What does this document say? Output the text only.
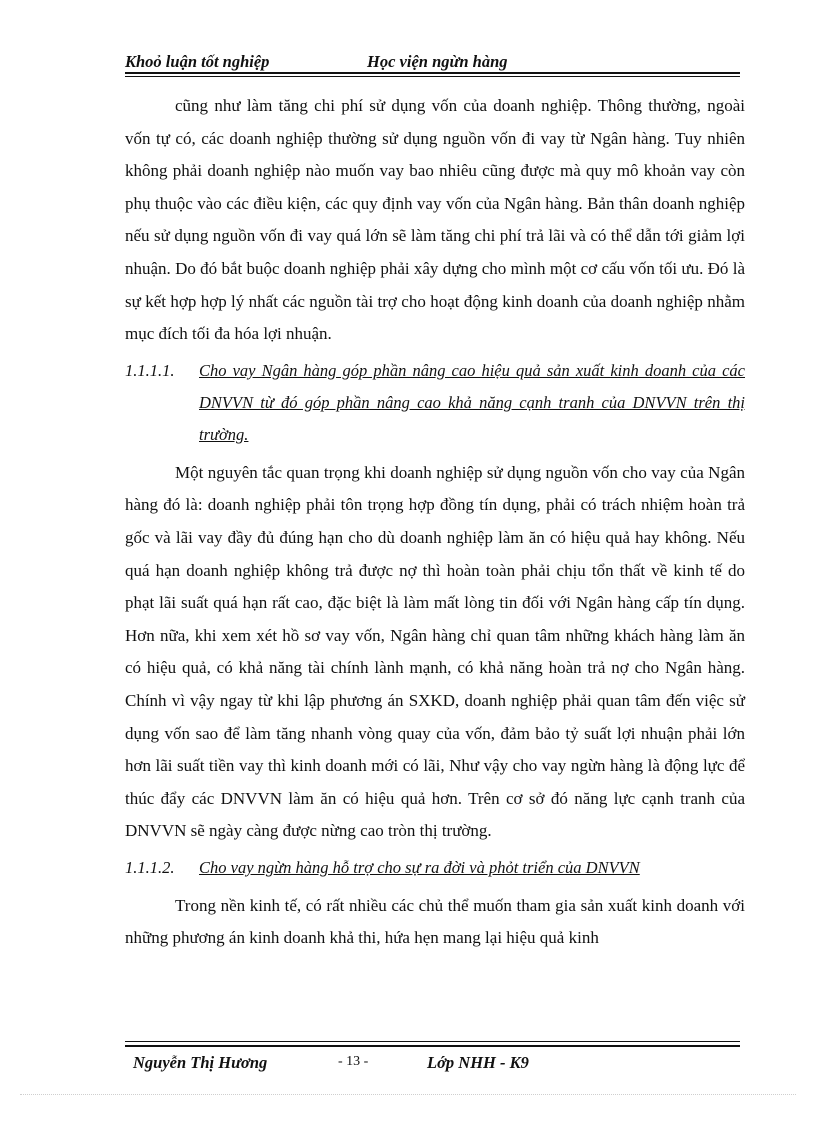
Khoỏ luận tốt nghiệp	Học viện ngừn hàng

cũng như làm tăng chi phí sử dụng vốn của doanh nghiệp. Thông thường, ngoài vốn tự có, các doanh nghiệp thường sử dụng nguồn vốn đi vay từ Ngân hàng. Tuy nhiên không phải doanh nghiệp nào muốn vay bao nhiêu cũng được mà quy mô khoản vay còn phụ thuộc vào các điều kiện, các quy định vay vốn của Ngân hàng. Bản thân doanh nghiệp nếu sử dụng nguồn vốn đi vay quá lớn sẽ làm tăng chi phí trả lãi và có thể dẫn tới giảm lợi nhuận. Do đó bắt buộc doanh nghiệp phải xây dựng cho mình một cơ cấu vốn tối ưu. Đó là sự kết hợp hợp lý nhất các nguồn tài trợ cho hoạt động kinh doanh của doanh nghiệp nhằm mục đích tối đa hóa lợi nhuận.

1.1.1.1. Cho vay Ngân hàng góp phần nâng cao hiệu quả sản xuất kinh doanh của các DNVVN từ đó góp phần nâng cao khả năng cạnh tranh của DNVVN trên thị trường.

Một nguyên tắc quan trọng khi doanh nghiệp sử dụng nguồn vốn cho vay của Ngân hàng đó là: doanh nghiệp phải tôn trọng hợp đồng tín dụng, phải có trách nhiệm hoàn trả gốc và lãi vay đầy đủ đúng hạn cho dù doanh nghiệp làm ăn có hiệu quả hay không. Nếu quá hạn doanh nghiệp không trả được nợ thì hoàn toàn phải chịu tổn thất về kinh tế do phạt lãi suất quá hạn rất cao, đặc biệt là làm mất lòng tin đối với Ngân hàng cấp tín dụng. Hơn nữa, khi xem xét hồ sơ vay vốn, Ngân hàng chỉ quan tâm những khách hàng làm ăn có hiệu quả, có khả năng tài chính lành mạnh, có khả năng hoàn trả nợ cho Ngân hàng. Chính vì vậy ngay từ khi lập phương án SXKD, doanh nghiệp phải quan tâm đến việc sử dụng vốn sao để làm tăng nhanh vòng quay của vốn, đảm bảo tỷ suất lợi nhuận phải lớn hơn lãi suất tiền vay thì kinh doanh mới có lãi, Như vậy cho vay ngừn hàng là động lực để thúc đẩy các DNVVN làm ăn có hiệu quả hơn. Trên cơ sở đó năng lực cạnh tranh của DNVVN sẽ ngày càng được nừng cao tròn thị trường.

1.1.1.2. Cho vay ngừn hàng hỗ trợ cho sự ra đời và phỏt triển của DNVVN

Trong nền kinh tế, có rất nhiều các chủ thể muốn tham gia sản xuất kinh doanh với những phương án kinh doanh khả thi, hứa hẹn mang lại hiệu quả kinh

Nguyễn Thị Hương	- 13 -	Lớp NHH - K9
